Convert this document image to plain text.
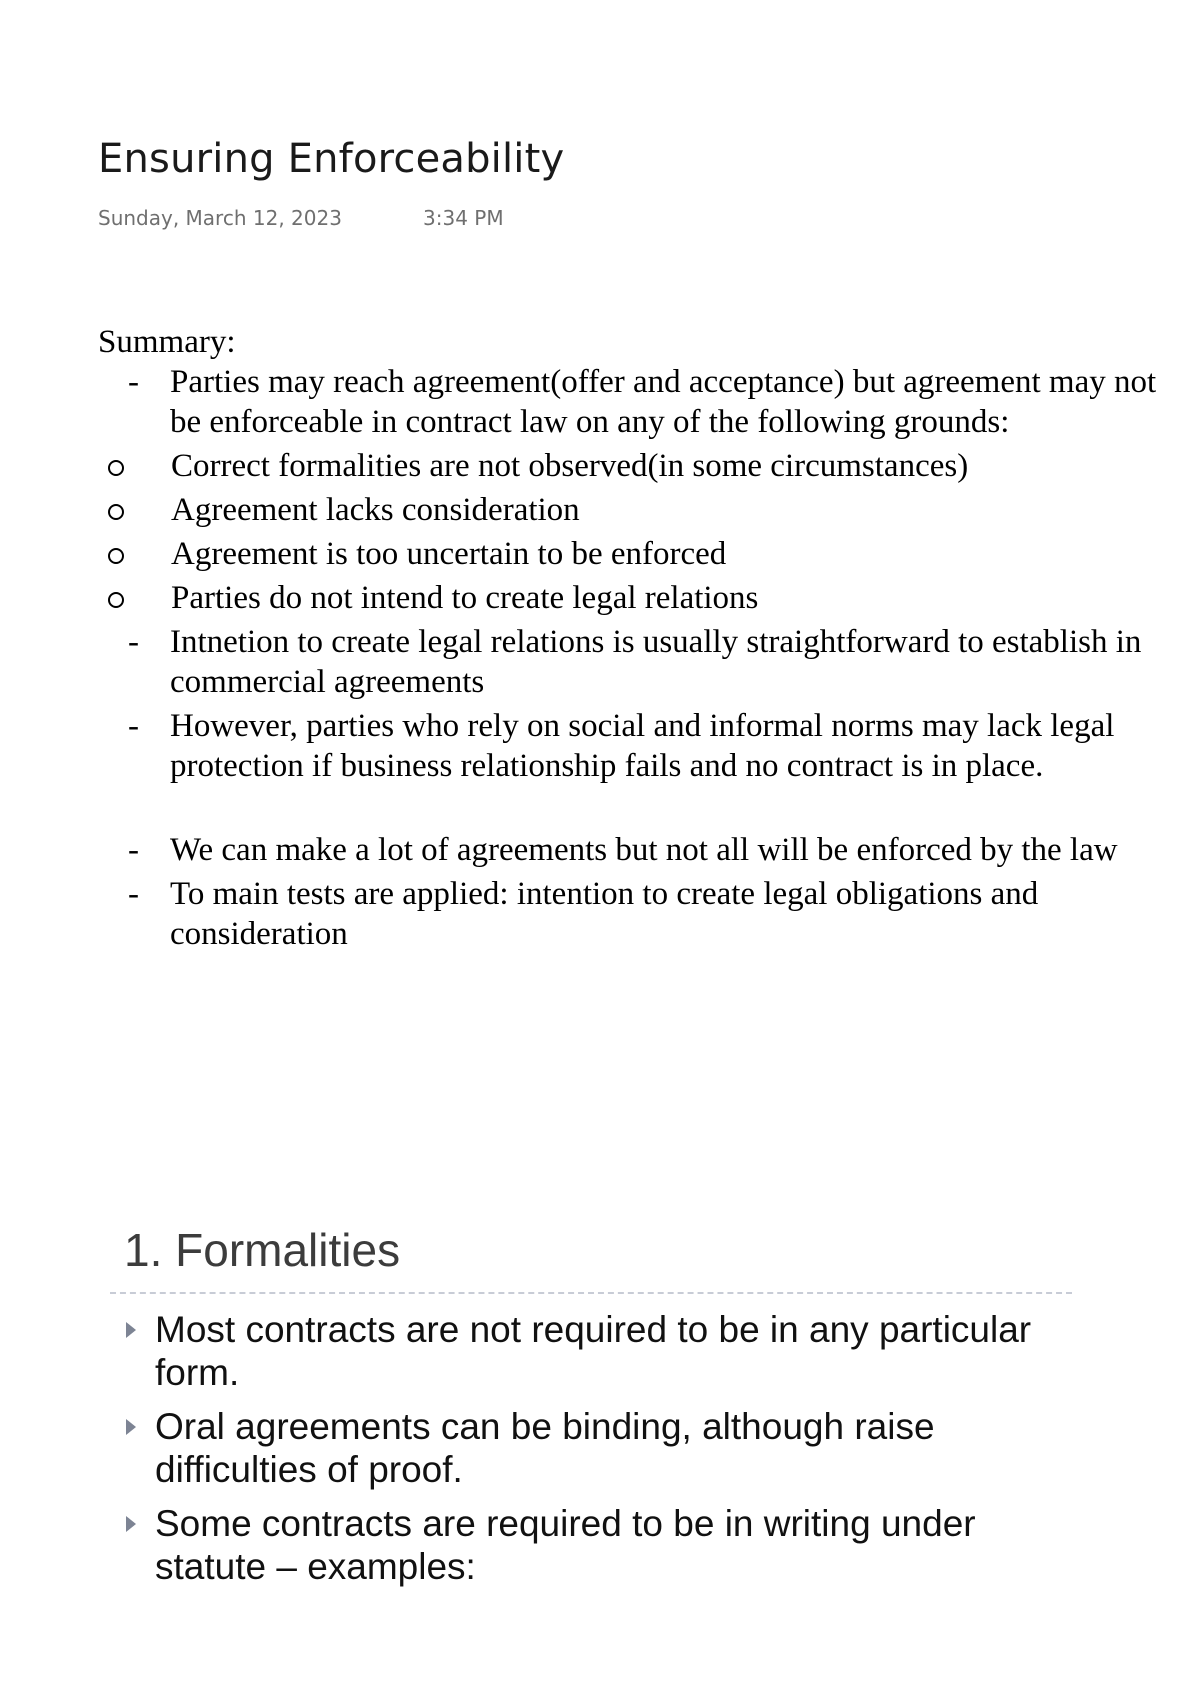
Ensuring Enforceability
Sunday, March 12, 2023	3:34 PM

Summary:

- Parties may reach agreement(offer and acceptance) but agreement may not be enforceable in contract law on any of the following grounds:
Correct formalities are not observed(in some circumstances)
Agreement lacks consideration
Agreement is too uncertain to be enforced
Parties do not intend to create legal relations
- Intnetion to create legal relations is usually straightforward to establish in commercial agreements
- However, parties who rely on social and informal norms may lack legal protection if business relationship fails and no contract is in place.
- We can make a lot of agreements but not all will be enforced by the law
- To main tests are applied: intention to create legal obligations and consideration
1. Formalities
Most contracts are not required to be in any particular form.
Oral agreements can be binding, although raise difficulties of proof.
Some contracts are required to be in writing under statute – examples:
